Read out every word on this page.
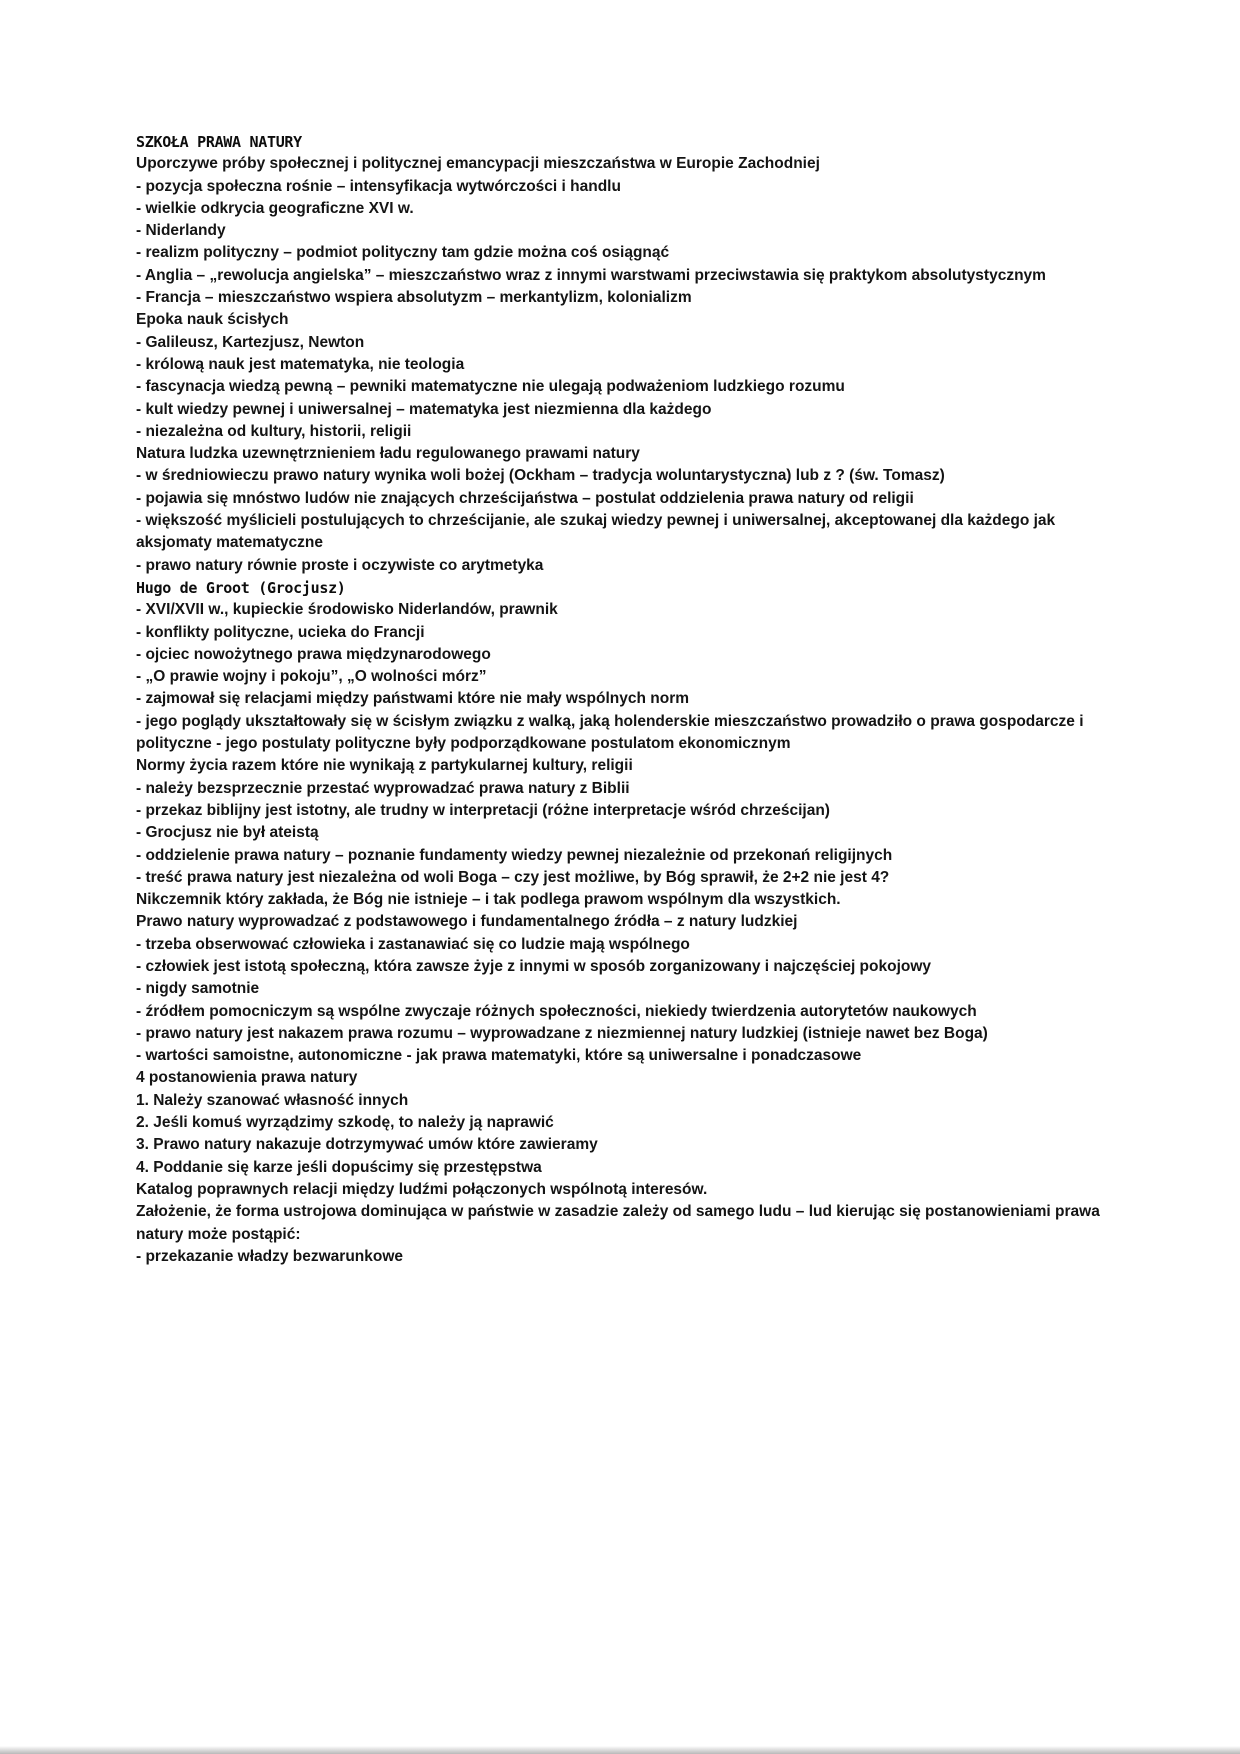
SZKOŁA PRAWA NATURY
Uporczywe próby społecznej i politycznej emancypacji mieszczaństwa w Europie Zachodniej
- pozycja społeczna rośnie – intensyfikacja wytwórczości i handlu
- wielkie odkrycia geograficzne XVI w.
- Niderlandy
- realizm polityczny – podmiot polityczny tam gdzie można coś osiągnąć
- Anglia – „rewolucja angielska” – mieszczaństwo wraz z innymi warstwami przeciwstawia się praktykom absolutystycznym
- Francja – mieszczaństwo wspiera absolutyzm – merkantylizm, kolonializm
Epoka nauk ścisłych
- Galileusz, Kartezjusz, Newton
- królową nauk jest matematyka, nie teologia
- fascynacja wiedzą pewną – pewniki matematyczne nie ulegają podważeniom ludzkiego rozumu
- kult wiedzy pewnej i uniwersalnej – matematyka jest niezmienna dla każdego
- niezależna od kultury, historii, religii
Natura ludzka uzewnętrznieniem ładu regulowanego prawami natury
- w średniowieczu prawo natury wynika woli bożej (Ockham – tradycja woluntarystyczna) lub z ? (św. Tomasz)
- pojawia się mnóstwo ludów nie znających chrześcijaństwa – postulat oddzielenia prawa natury od religii
- większość myślicieli postulujących to chrześcijanie, ale szukaj wiedzy pewnej i uniwersalnej, akceptowanej dla każdego jak
aksjomaty matematyczne
- prawo natury równie proste i oczywiste co arytmetyka
Hugo de Groot (Grocjusz)
- XVI/XVII w., kupieckie środowisko Niderlandów, prawnik
- konflikty polityczne, ucieka do Francji
- ojciec nowożytnego prawa międzynarodowego
- „O prawie wojny i pokoju”, „O wolności mórz”
- zajmował się relacjami między państwami które nie mały wspólnych norm
- jego poglądy ukształtowały się w ścisłym związku z walką, jaką holenderskie mieszczaństwo prowadziło o prawa gospodarcze i
polityczne - jego postulaty polityczne były podporządkowane postulatom ekonomicznym
Normy życia razem które nie wynikają z partykularnej kultury, religii
- należy bezsprzecznie przestać wyprowadzać prawa natury z Biblii
- przekaz biblijny jest istotny, ale trudny w interpretacji (różne interpretacje wśród chrześcijan)
- Grocjusz nie był ateistą
- oddzielenie prawa natury – poznanie fundamenty wiedzy pewnej niezależnie od przekonań religijnych
- treść prawa natury jest niezależna od woli Boga – czy jest możliwe, by Bóg sprawił, że 2+2 nie jest 4?
Nikczemnik który zakłada, że Bóg nie istnieje – i tak podlega prawom wspólnym dla wszystkich.
Prawo natury wyprowadzać z podstawowego i fundamentalnego źródła – z natury ludzkiej
- trzeba obserwować człowieka i zastanawiać się co ludzie mają wspólnego
- człowiek jest istotą społeczną, która zawsze żyje z innymi w sposób zorganizowany i najczęściej pokojowy
- nigdy samotnie
- źródłem pomocniczym są wspólne zwyczaje różnych społeczności, niekiedy twierdzenia autorytetów naukowych
- prawo natury jest nakazem prawa rozumu – wyprowadzane z niezmiennej natury ludzkiej (istnieje nawet bez Boga)
- wartości samoistne, autonomiczne - jak prawa matematyki, które są uniwersalne i ponadczasowe
4 postanowienia prawa natury
1. Należy szanować własność innych
2. Jeśli komuś wyrządzimy szkodę, to należy ją naprawić
3. Prawo natury nakazuje dotrzymywać umów które zawieramy
4. Poddanie się karze jeśli dopuścimy się przestępstwa
Katalog poprawnych relacji między ludźmi połączonych wspólnotą interesów.
Założenie, że forma ustrojowa dominująca w państwie w zasadzie zależy od samego ludu – lud kierując się postanowieniami prawa
natury może postąpić:
- przekazanie władzy bezwarunkowe
